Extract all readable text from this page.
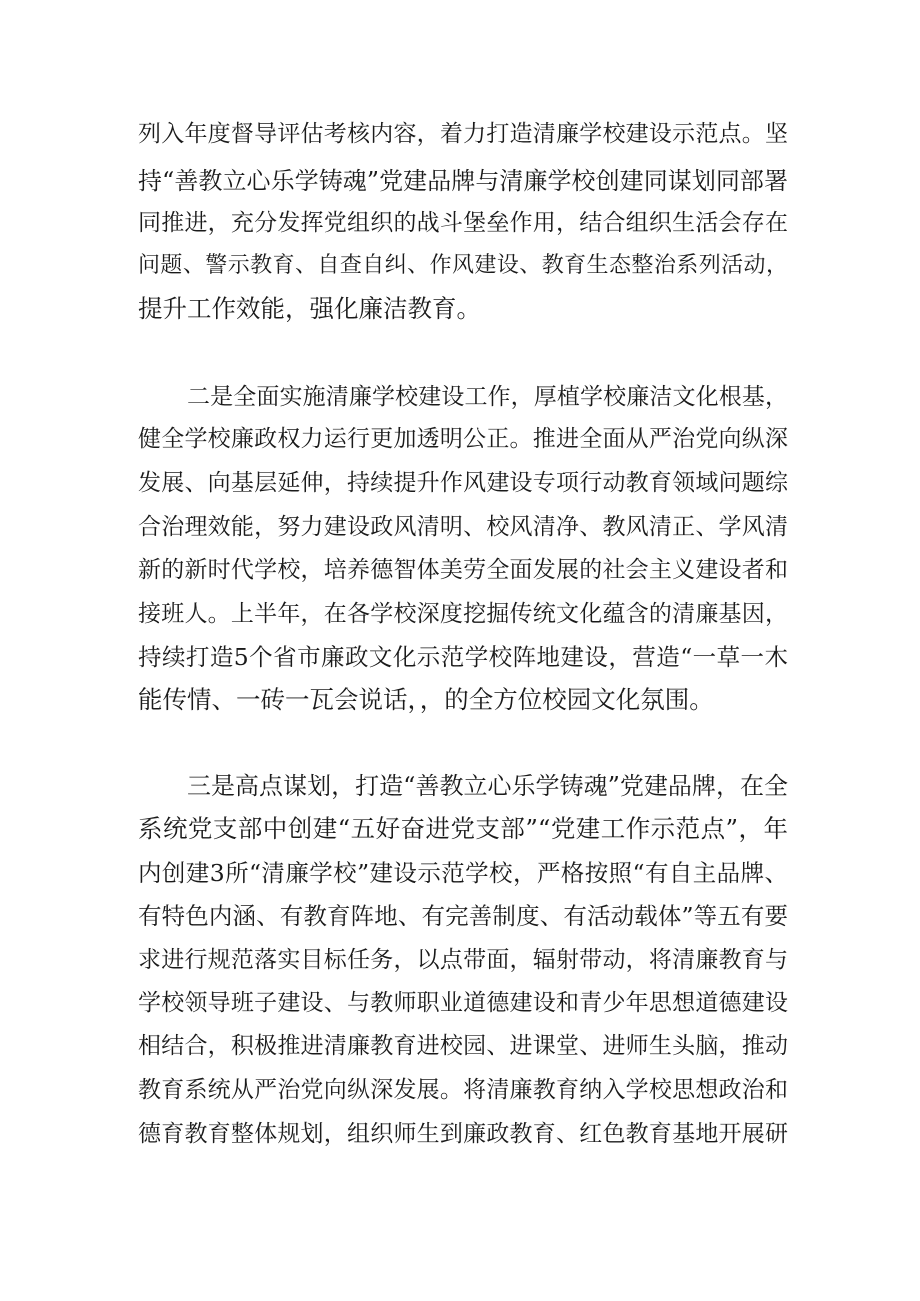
列入年度督导评估考核内容，着力打造清廉学校建设示范点。坚
持“善教立心乐学铸魂”党建品牌与清廉学校创建同谋划同部署
同推进，充分发挥党组织的战斗堡垒作用，结合组织生活会存在
问题、警示教育、自查自纠、作风建设、教育生态整治系列活动，
提升工作效能，强化廉洁教育。
二是全面实施清廉学校建设工作，厚植学校廉洁文化根基，
健全学校廉政权力运行更加透明公正。推进全面从严治党向纵深
发展、向基层延伸，持续提升作风建设专项行动教育领域问题综
合治理效能，努力建设政风清明、校风清净、教风清正、学风清
新的新时代学校，培养德智体美劳全面发展的社会主义建设者和
接班人。上半年，在各学校深度挖掘传统文化蕴含的清廉基因，
持续打造5个省市廉政文化示范学校阵地建设，营造“一草一木
能传情、一砖一瓦会说话，，的全方位校园文化氛围。
三是高点谋划，打造“善教立心乐学铸魂”党建品牌，在全
系统党支部中创建“五好奋进党支部”“党建工作示范点”，年
内创建3所“清廉学校”建设示范学校，严格按照“有自主品牌、
有特色内涵、有教育阵地、有完善制度、有活动载体”等五有要
求进行规范落实目标任务，以点带面，辐射带动，将清廉教育与
学校领导班子建设、与教师职业道德建设和青少年思想道德建设
相结合，积极推进清廉教育进校园、进课堂、进师生头脑，推动
教育系统从严治党向纵深发展。将清廉教育纳入学校思想政治和
德育教育整体规划，组织师生到廉政教育、红色教育基地开展研
